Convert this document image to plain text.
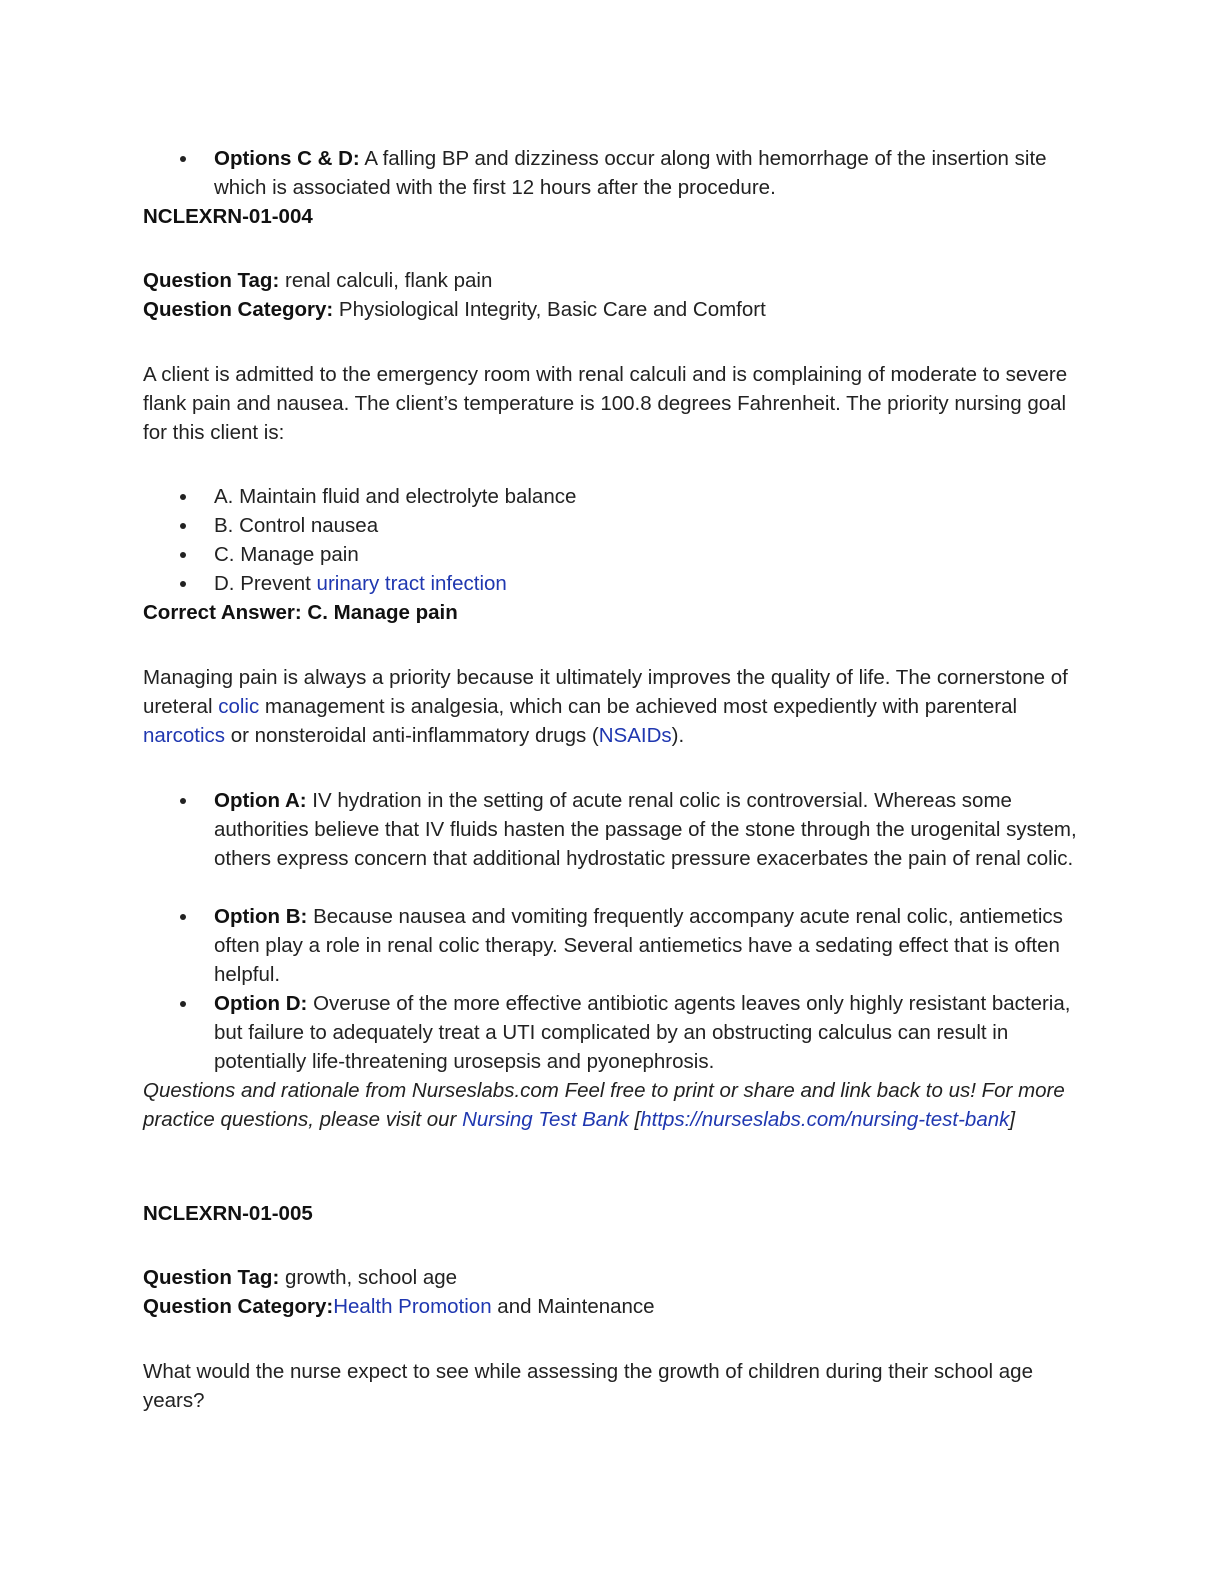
Options C & D: A falling BP and dizziness occur along with hemorrhage of the insertion site which is associated with the first 12 hours after the procedure.

NCLEXRN-01-004

Question Tag: renal calculi, flank pain

Question Category: Physiological Integrity, Basic Care and Comfort

A client is admitted to the emergency room with renal calculi and is complaining of moderate to severe flank pain and nausea. The client’s temperature is 100.8 degrees Fahrenheit. The priority nursing goal for this client is:

A. Maintain fluid and electrolyte balance

B. Control nausea

C. Manage pain

D. Prevent urinary tract infection

Correct Answer: C. Manage pain

Managing pain is always a priority because it ultimately improves the quality of life. The cornerstone of ureteral colic management is analgesia, which can be achieved most expediently with parenteral narcotics or nonsteroidal anti-inflammatory drugs (NSAIDs).

Option A: IV hydration in the setting of acute renal colic is controversial. Whereas some authorities believe that IV fluids hasten the passage of the stone through the urogenital system, others express concern that additional hydrostatic pressure exacerbates the pain of renal colic.

Option B: Because nausea and vomiting frequently accompany acute renal colic, antiemetics often play a role in renal colic therapy. Several antiemetics have a sedating effect that is often helpful.

Option D: Overuse of the more effective antibiotic agents leaves only highly resistant bacteria, but failure to adequately treat a UTI complicated by an obstructing calculus can result in potentially life-threatening urosepsis and pyonephrosis.

Questions and rationale from Nurseslabs.com Feel free to print or share and link back to us! For more practice questions, please visit our Nursing Test Bank [https://nurseslabs.com/nursing-test-bank]

NCLEXRN-01-005

Question Tag: growth, school age

Question Category:Health Promotion and Maintenance

What would the nurse expect to see while assessing the growth of children during their school age years?
